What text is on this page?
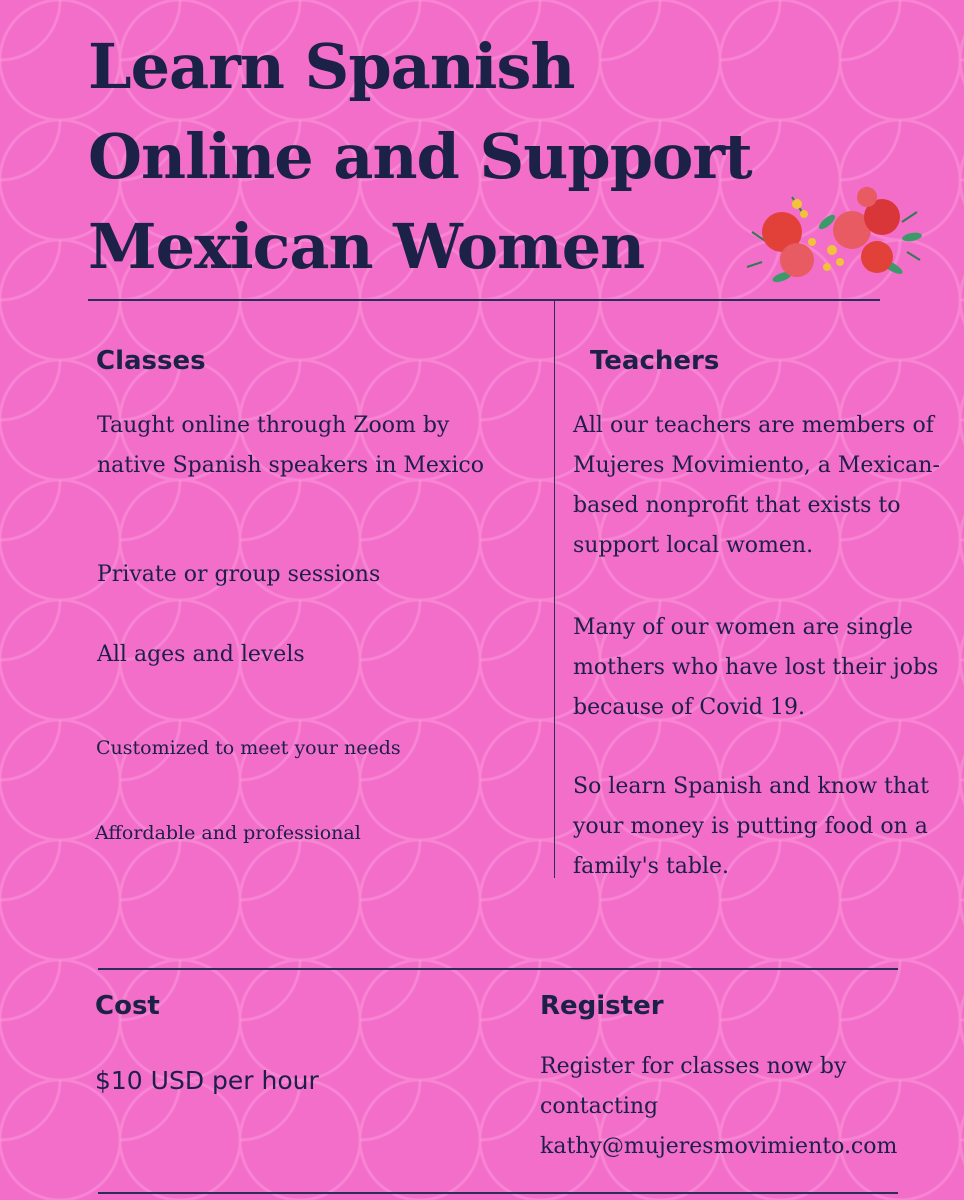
Learn Spanish
Online and Support
Mexican Women
Classes

Taught online through Zoom by native Spanish speakers in Mexico

Private or group sessions

All ages and levels

Customized to meet your needs

Affordable and professional

Teachers

All our teachers are members of Mujeres Movimiento, a Mexican-based nonprofit that exists to support local women.

Many of our women are single mothers who have lost their jobs because of Covid 19.

So learn Spanish and know that your money is putting food on a family's table.

Cost

$10 USD per hour

Register

Register for classes now by contacting

kathy@mujeresmovimiento.com
